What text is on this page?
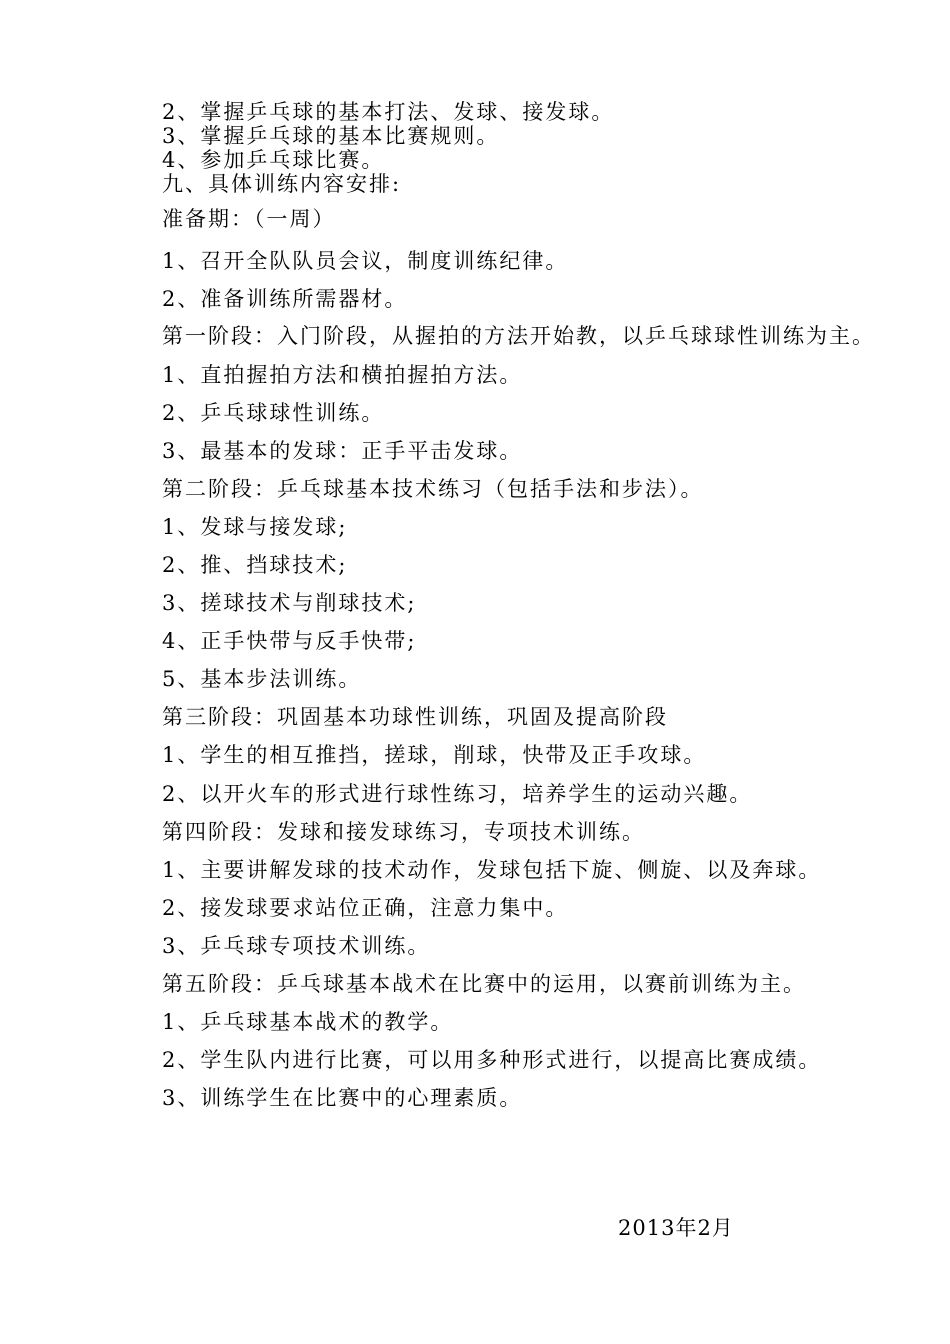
2、掌握乒乓球的基本打法、发球、接发球。
3、掌握乒乓球的基本比赛规则。
4、参加乒乓球比赛。
九、具体训练内容安排:
准备期：（一周）
1、召开全队队员会议，制度训练纪律。
2、准备训练所需器材。
第一阶段：入门阶段，从握拍的方法开始教，以乒乓球球性训练为主。
1、直拍握拍方法和横拍握拍方法。
2、乒乓球球性训练。
3、最基本的发球：正手平击发球。
第二阶段：乒乓球基本技术练习（包括手法和步法）。
1、发球与接发球;
2、推、挡球技术;
3、搓球技术与削球技术;
4、正手快带与反手快带;
5、基本步法训练。
第三阶段：巩固基本功球性训练，巩固及提高阶段
1、学生的相互推挡，搓球，削球，快带及正手攻球。
2、以开火车的形式进行球性练习，培养学生的运动兴趣。
第四阶段：发球和接发球练习，专项技术训练。
1、主要讲解发球的技术动作，发球包括下旋、侧旋、以及奔球。
2、接发球要求站位正确，注意力集中。
3、乒乓球专项技术训练。
第五阶段：乒乓球基本战术在比赛中的运用，以赛前训练为主。
1、乒乓球基本战术的教学。
2、学生队内进行比赛，可以用多种形式进行，以提高比赛成绩。
3、训练学生在比赛中的心理素质。
2013年2月
